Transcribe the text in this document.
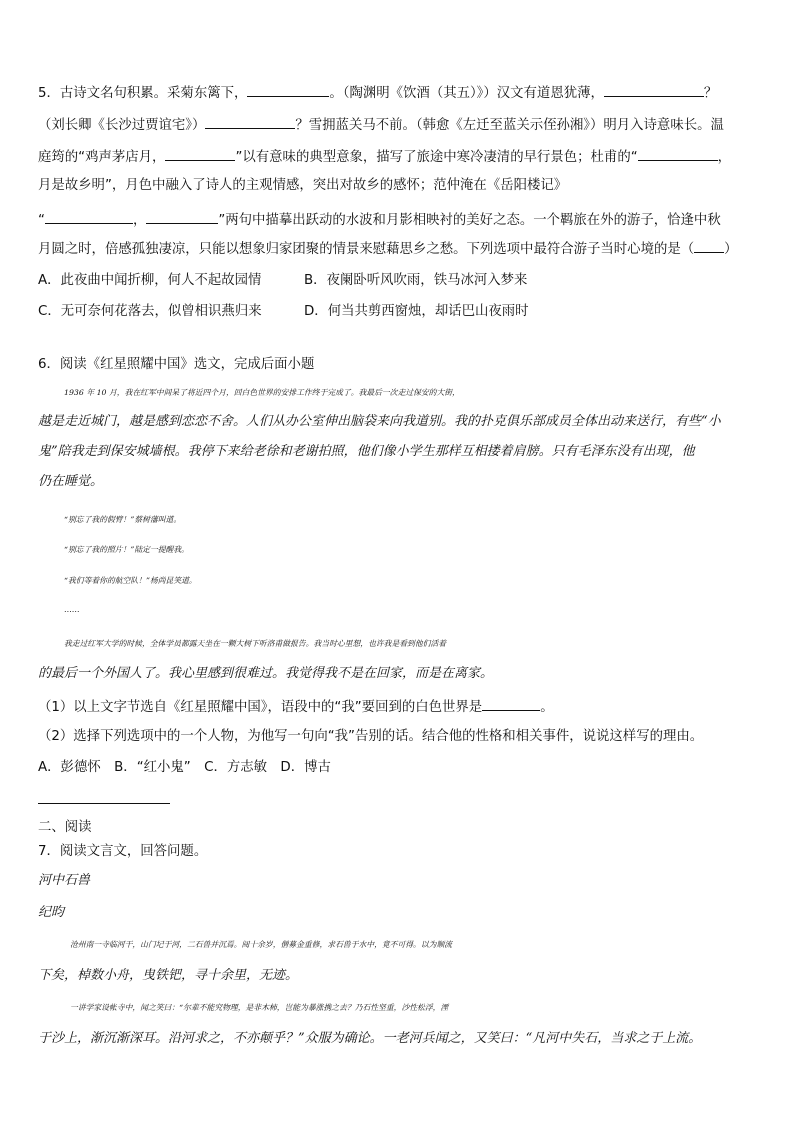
5．古诗文名句积累。采菊东篱下，	。（陶渊明《饮酒（其五）》）汉文有道恩犹薄，	？
（刘长卿《长沙过贾谊宅》）	？雪拥蓝关马不前。（韩愈《左迁至蓝关示侄孙湘》）明月入诗意味长。温
庭筠的“鸡声茅店月，	”以有意味的典型意象，描写了旅途中寒冷凄清的早行景色；杜甫的“	，
月是故乡明”，月色中融入了诗人的主观情感，突出对故乡的感怀；范仲淹在《岳阳楼记》
“	，	”两句中描摹出跃动的水波和月影相映衬的美好之态。一个羁旅在外的游子，恰逢中秋
月圆之时，倍感孤独凄凉，只能以想象归家团聚的情景来慰藉思乡之愁。下列选项中最符合游子当时心境的是（ ）
A．此夜曲中闻折柳，何人不起故园情	B．夜阑卧听风吹雨，铁马冰河入梦来
C．无可奈何花落去，似曾相识燕归来	D．何当共剪西窗烛，却话巴山夜雨时
6．阅读《红星照耀中国》选文，完成后面小题
1936 年 10 月，我在红军中间呆了将近四个月，回白色世界的安排工作终于完成了。我最后一次走过保安的大街，
越是走近城门，越是感到恋恋不舍。人们从办公室伸出脑袋来向我道别。我的扑克俱乐部成员全体出动来送行，有些“小
鬼”陪我走到保安城墙根。我停下来给老徐和老谢拍照，他们像小学生那样互相搂着肩膀。只有毛泽东没有出现，他
仍在睡觉。
“别忘了我的假臂！”蔡树藩叫道。
“别忘了我的照片！”陆定一提醒我。
“我们等着你的航空队！”杨尚昆笑道。
……
我走过红军大学的时候，全体学员都露天坐在一颗大树下听洛甫做报告。我当时心里想，也许我是看到他们活着
的最后一个外国人了。我心里感到很难过。我觉得我不是在回家，而是在离家。
（1）以上文字节选自《红星照耀中国》，语段中的“我”要回到的白色世界是	。
（2）选择下列选项中的一个人物，为他写一句向“我”告别的话。结合他的性格和相关事件，说说这样写的理由。
A．彭德怀　B．“红小鬼”　C．方志敏　D．博古
二、阅读
7．阅读文言文，回答问题。
河中石兽
纪昀
沧州南一寺临河干，山门圮于河，二石兽并沉焉。阅十余岁，僧募金重修，求石兽于水中，竟不可得。以为顺流
下矣，棹数小舟，曳铁钯，寻十余里，无迹。
一讲学家设帐寺中，闻之笑曰：“尔辈不能究物理，是非木柿，岂能为暴涨携之去？乃石性坚重，沙性松浮，湮
于沙上，渐沉渐深耳。沿河求之，不亦颠乎？”众服为确论。一老河兵闻之，又笑曰：“凡河中失石，当求之于上流。
